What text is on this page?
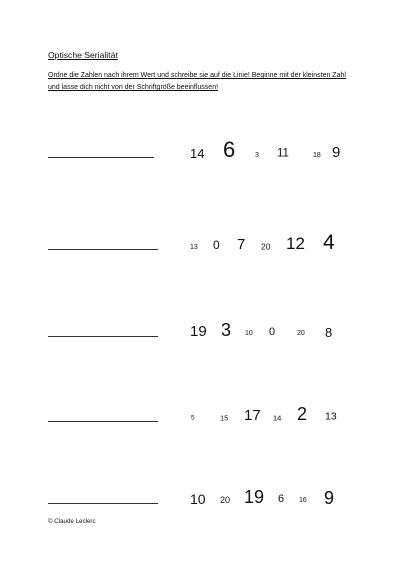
Optische Serialität
Ordne die Zahlen nach ihrem Wert und schreibe sie auf die Linie! Beginne mit der kleinsten Zahl und lasse dich nicht von der Schriftgröße beeinflussen!
14 6	3 11	18 9
13 0 7 20 12 4
19 3 10 0	20 8
5	15 17 14 2 13
10 20 19 6 16 9
© Claude Leclerc
